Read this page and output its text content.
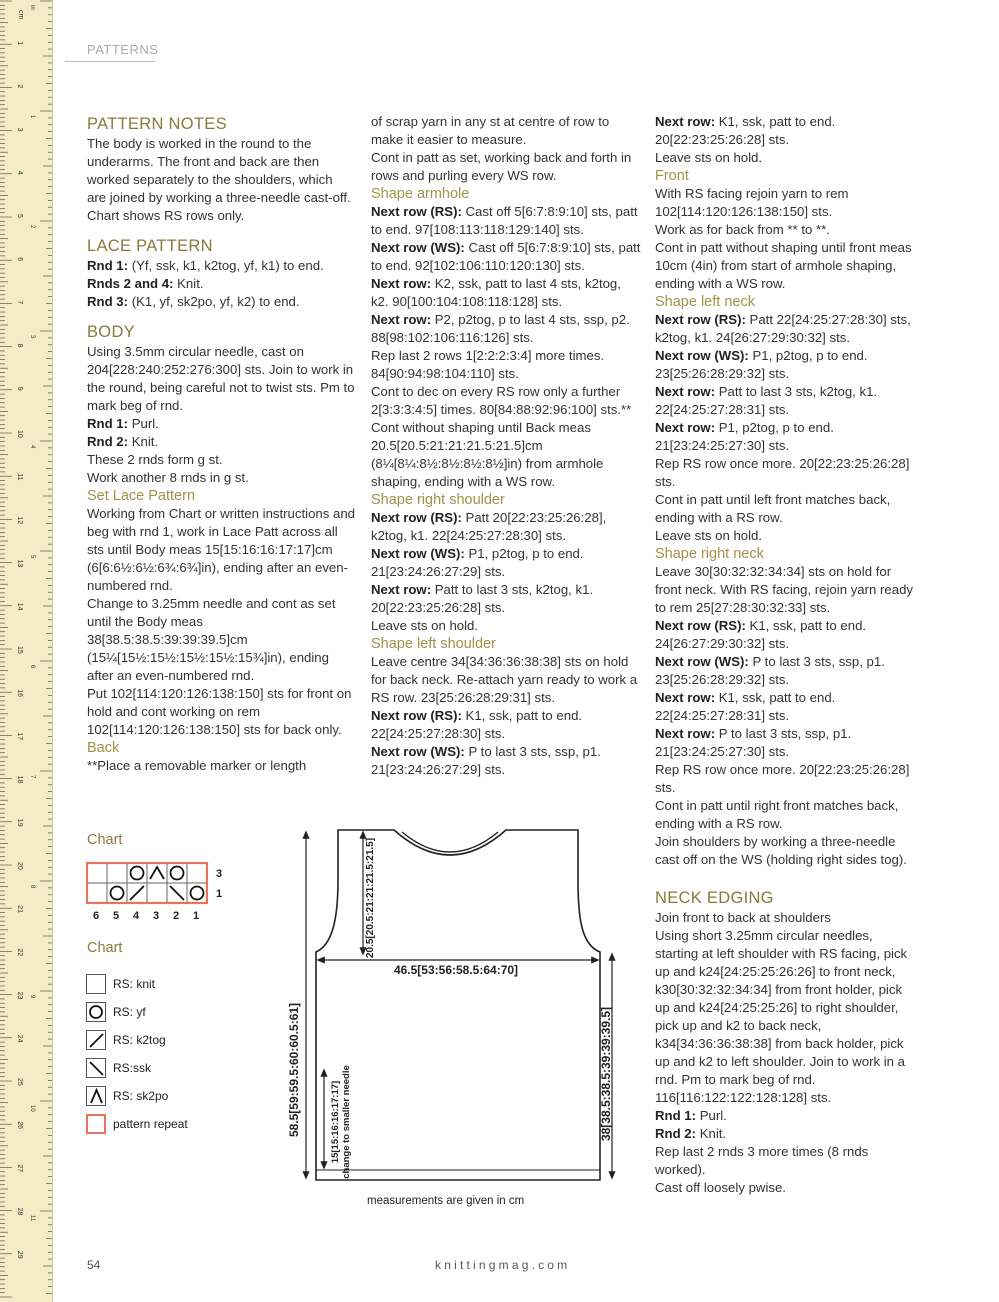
cm
1
2
3
4
5
6
7
8
9
10
11
12
13
14
15
16
17
18
19
20
21
22
23
24
25
26
27
28
29
in
1
2
3
4
5
6
7
8
9
10
11
PATTERNS

PATTERN NOTES

The body is worked in the round to the underarms. The front and back are then worked separately to the shoulders, which are joined by working a three-needle cast-off.

Chart shows RS rows only.

LACE PATTERN

Rnd 1: (Yf, ssk, k1, k2tog, yf, k1) to end.

Rnds 2 and 4: Knit.

Rnd 3: (K1, yf, sk2po, yf, k2) to end.

BODY

Using 3.5mm circular needle, cast on 204[228:240:252:276:300] sts. Join to work in the round, being careful not to twist sts. Pm to mark beg of rnd.

Rnd 1: Purl.

Rnd 2: Knit.

These 2 rnds form g st.

Work another 8 rnds in g st.

Set Lace Pattern

Working from Chart or written instructions and beg with rnd 1, work in Lace Patt across all sts until Body meas 15[15:16:16:17:17]cm (6[6:6½:6½:6¾:6¾]in), ending after an even-numbered rnd.

Change to 3.25mm needle and cont as set until the Body meas 38[38.5:38.5:39:39:39.5]cm (15¼[15½:15½:15½:15½:15¾]in), ending after an even-numbered rnd.

Put 102[114:120:126:138:150] sts for front on hold and cont working on rem 102[114:120:126:138:150] sts for back only.

Back

**Place a removable marker or length

of scrap yarn in any st at centre of row to make it easier to measure.

Cont in patt as set, working back and forth in rows and purling every WS row.

Shape armhole

Next row (RS): Cast off 5[6:7:8:9:10] sts, patt to end. 97[108:113:118:129:140] sts.

Next row (WS): Cast off 5[6:7:8:9:10] sts, patt to end. 92[102:106:110:120:130] sts.

Next row: K2, ssk, patt to last 4 sts, k2tog, k2. 90[100:104:108:118:128] sts.

Next row: P2, p2tog, p to last 4 sts, ssp, p2. 88[98:102:106:116:126] sts.

Rep last 2 rows 1[2:2:2:3:4] more times. 84[90:94:98:104:110] sts.

Cont to dec on every RS row only a further 2[3:3:3:4:5] times. 80[84:88:92:96:100] sts.**

Cont without shaping until Back meas 20.5[20.5:21:21:21.5:21.5]cm (8¼[8¼:8½:8½:8½:8½]in) from armhole shaping, ending with a WS row.

Shape right shoulder

Next row (RS): Patt 20[22:23:25:26:28], k2tog, k1. 22[24:25:27:28:30] sts.

Next row (WS): P1, p2tog, p to end. 21[23:24:26:27:29] sts.

Next row: Patt to last 3 sts, k2tog, k1. 20[22:23:25:26:28] sts.

Leave sts on hold.

Shape left shoulder

Leave centre 34[34:36:36:38:38] sts on hold for back neck. Re-attach yarn ready to work a RS row. 23[25:26:28:29:31] sts.

Next row (RS): K1, ssk, patt to end. 22[24:25:27:28:30] sts.

Next row (WS): P to last 3 sts, ssp, p1. 21[23:24:26:27:29] sts.

Next row: K1, ssk, patt to end. 20[22:23:25:26:28] sts.

Leave sts on hold.

Front

With RS facing rejoin yarn to rem 102[114:120:126:138:150] sts.

Work as for back from ** to **.

Cont in patt without shaping until front meas 10cm (4in) from start of armhole shaping, ending with a WS row.

Shape left neck

Next row (RS): Patt 22[24:25:27:28:30] sts, k2tog, k1. 24[26:27:29:30:32] sts.

Next row (WS): P1, p2tog, p to end. 23[25:26:28:29:32] sts.

Next row: Patt to last 3 sts, k2tog, k1. 22[24:25:27:28:31] sts.

Next row: P1, p2tog, p to end. 21[23:24:25:27:30] sts.

Rep RS row once more. 20[22:23:25:26:28] sts.

Cont in patt until left front matches back, ending with a RS row.

Leave sts on hold.

Shape right neck

Leave 30[30:32:32:34:34] sts on hold for front neck. With RS facing, rejoin yarn ready to rem 25[27:28:30:32:33] sts.

Next row (RS): K1, ssk, patt to end. 24[26:27:29:30:32] sts.

Next row (WS): P to last 3 sts, ssp, p1. 23[25:26:28:29:32] sts.

Next row: K1, ssk, patt to end. 22[24:25:27:28:31] sts.

Next row: P to last 3 sts, ssp, p1. 21[23:24:25:27:30] sts.

Rep RS row once more. 20[22:23:25:26:28] sts.

Cont in patt until right front matches back, ending with a RS row.

Join shoulders by working a three-needle cast off on the WS (holding right sides tog).

NECK EDGING

Join front to back at shoulders

Using short 3.25mm circular needles, starting at left shoulder with RS facing, pick up and k24[24:25:25:26:26] to front neck, k30[30:32:32:34:34] from front holder, pick up and k24[24:25:25:26] to right shoulder, pick up and k2 to back neck, k34[34:36:36:38:38] from back holder, pick up and k2 to left shoulder. Join to work in a rnd. Pm to mark beg of rnd. 116[116:122:122:128:128] sts.

Rnd 1: Purl.

Rnd 2: Knit.

Rep last 2 rnds 3 more times (8 rnds worked).

Cast off loosely pwise.

Chart
3
1
6 5 4 3 2 1
Chart
RS: knit
RS: yf
RS: k2tog
RS:ssk
RS: sk2po
pattern repeat	58.5[59:59.5:60:60.5:61]
20.5[20.5:21:21:21.5:21.5]
46.5[53:56:58.5:64:70]
38[38.5:38.5:39:39:39.5]
15[15:16:16:17:17] change to smaller needle
measurements are given in cm
54	knittingmag.com
